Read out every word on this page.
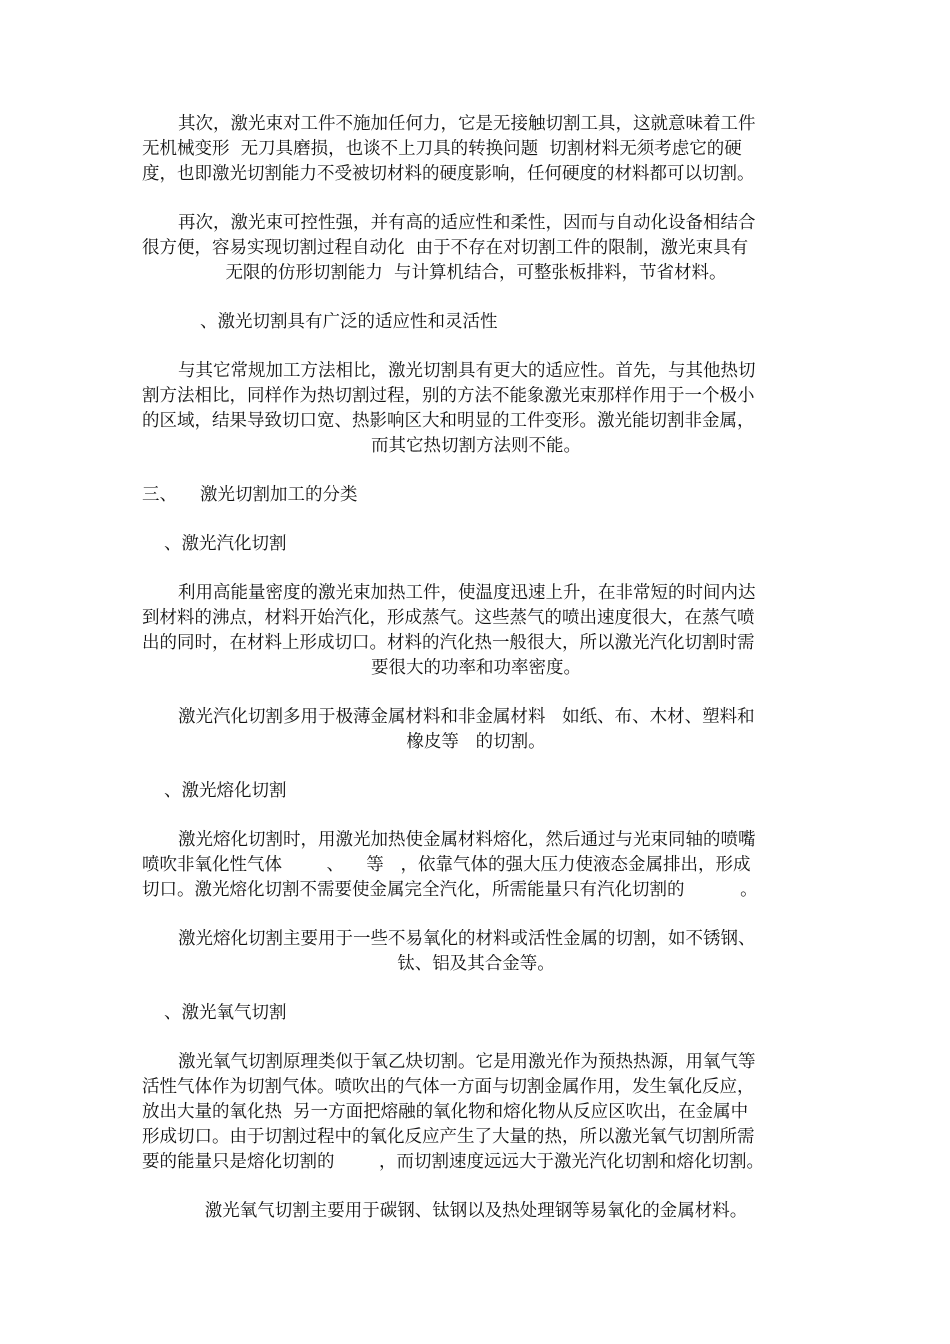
其次，激光束对工件不施加任何力，它是无接触切割工具，这就意味着工件
无机械变形  无刀具磨损，也谈不上刀具的转换问题  切割材料无须考虑它的硬
度，也即激光切割能力不受被切材料的硬度影响，任何硬度的材料都可以切割。
再次，激光束可控性强，并有高的适应性和柔性，因而与自动化设备相结合
很方便，容易实现切割过程自动化  由于不存在对切割工件的限制，激光束具有
无限的仿形切割能力  与计算机结合，可整张板排料，节省材料。
、激光切割具有广泛的适应性和灵活性
与其它常规加工方法相比，激光切割具有更大的适应性。首先，与其他热切
割方法相比，同样作为热切割过程，别的方法不能象激光束那样作用于一个极小
的区域，结果导致切口宽、热影响区大和明显的工件变形。激光能切割非金属，
而其它热切割方法则不能。
三、 激光切割加工的分类
、激光汽化切割
利用高能量密度的激光束加热工件，使温度迅速上升，在非常短的时间内达
到材料的沸点，材料开始汽化，形成蒸气。这些蒸气的喷出速度很大，在蒸气喷
出的同时，在材料上形成切口。材料的汽化热一般很大，所以激光汽化切割时需
要很大的功率和功率密度。
激光汽化切割多用于极薄金属材料和非金属材料   如纸、布、木材、塑料和
橡皮等   的切割。
、激光熔化切割
激光熔化切割时，用激光加热使金属材料熔化，然后通过与光束同轴的喷嘴
喷吹非氧化性气体        、    等   ，依靠气体的强大压力使液态金属排出，形成
切口。激光熔化切割不需要使金属完全汽化，所需能量只有汽化切割的          。
激光熔化切割主要用于一些不易氧化的材料或活性金属的切割，如不锈钢、
钛、铝及其合金等。
、激光氧气切割
激光氧气切割原理类似于氧乙炔切割。它是用激光作为预热热源，用氧气等
活性气体作为切割气体。喷吹出的气体一方面与切割金属作用，发生氧化反应，
放出大量的氧化热  另一方面把熔融的氧化物和熔化物从反应区吹出，在金属中
形成切口。由于切割过程中的氧化反应产生了大量的热，所以激光氧气切割所需
要的能量只是熔化切割的        ，而切割速度远远大于激光汽化切割和熔化切割。
激光氧气切割主要用于碳钢、钛钢以及热处理钢等易氧化的金属材料。
